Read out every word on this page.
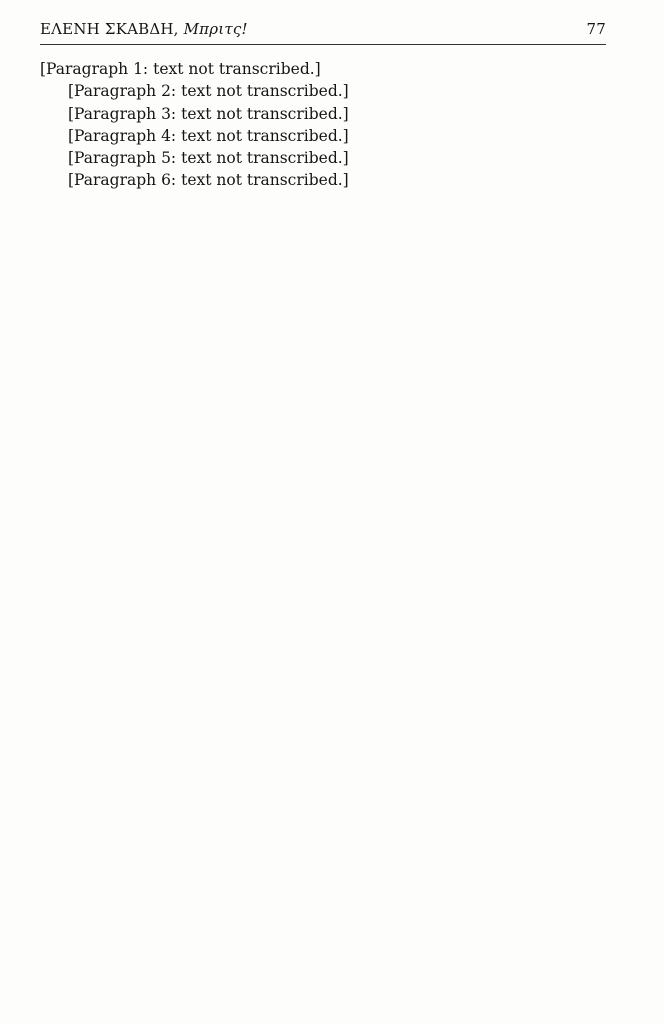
ΕΛΕΝΗ ΣΚΑΒΔΗ, Μπριτς!	77

[Paragraph 1: text not transcribed.]

[Paragraph 2: text not transcribed.]

[Paragraph 3: text not transcribed.]

[Paragraph 4: text not transcribed.]

[Paragraph 5: text not transcribed.]

[Paragraph 6: text not transcribed.]
